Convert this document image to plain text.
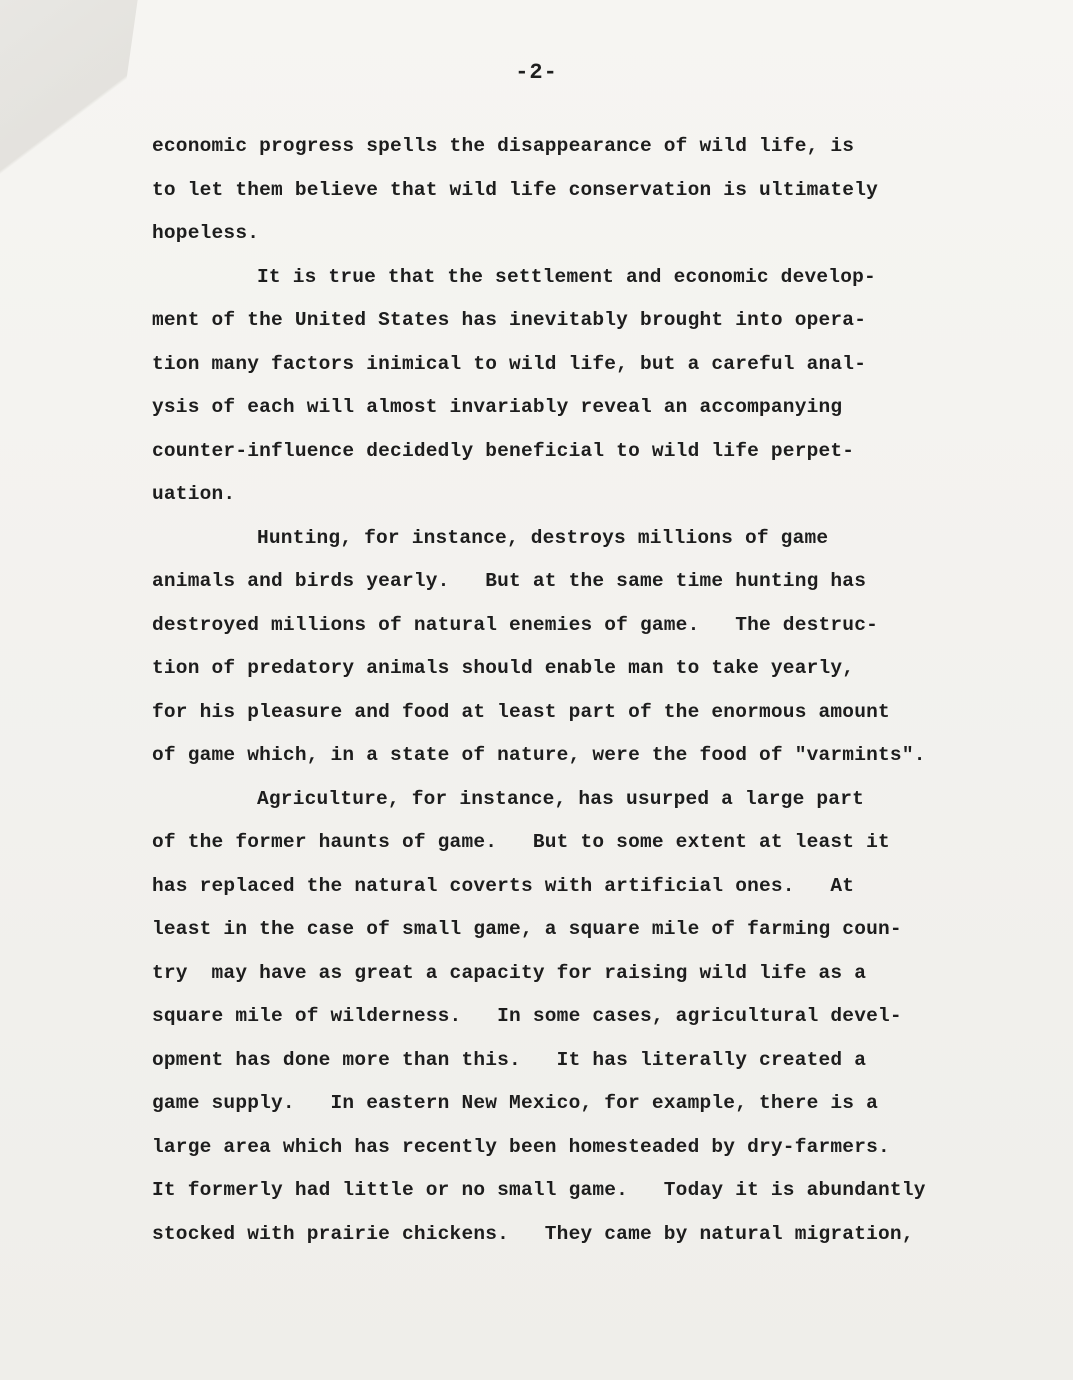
-2-
economic progress spells the disappearance of wild life, is
to let them believe that wild life conservation is ultimately
hopeless.
It is true that the settlement and economic develop-
ment of the United States has inevitably brought into opera-
tion many factors inimical to wild life, but a careful anal-
ysis of each will almost invariably reveal an accompanying
counter-influence decidedly beneficial to wild life perpet-
uation.
Hunting, for instance, destroys millions of game
animals and birds yearly.   But at the same time hunting has
destroyed millions of natural enemies of game.   The destruc-
tion of predatory animals should enable man to take yearly,
for his pleasure and food at least part of the enormous amount
of game which, in a state of nature, were the food of "varmints".
Agriculture, for instance, has usurped a large part
of the former haunts of game.   But to some extent at least it
has replaced the natural coverts with artificial ones.   At
least in the case of small game, a square mile of farming coun-
try  may have as great a capacity for raising wild life as a
square mile of wilderness.   In some cases, agricultural devel-
opment has done more than this.   It has literally created a
game supply.   In eastern New Mexico, for example, there is a
large area which has recently been homesteaded by dry-farmers.
It formerly had little or no small game.   Today it is abundantly
stocked with prairie chickens.   They came by natural migration,
